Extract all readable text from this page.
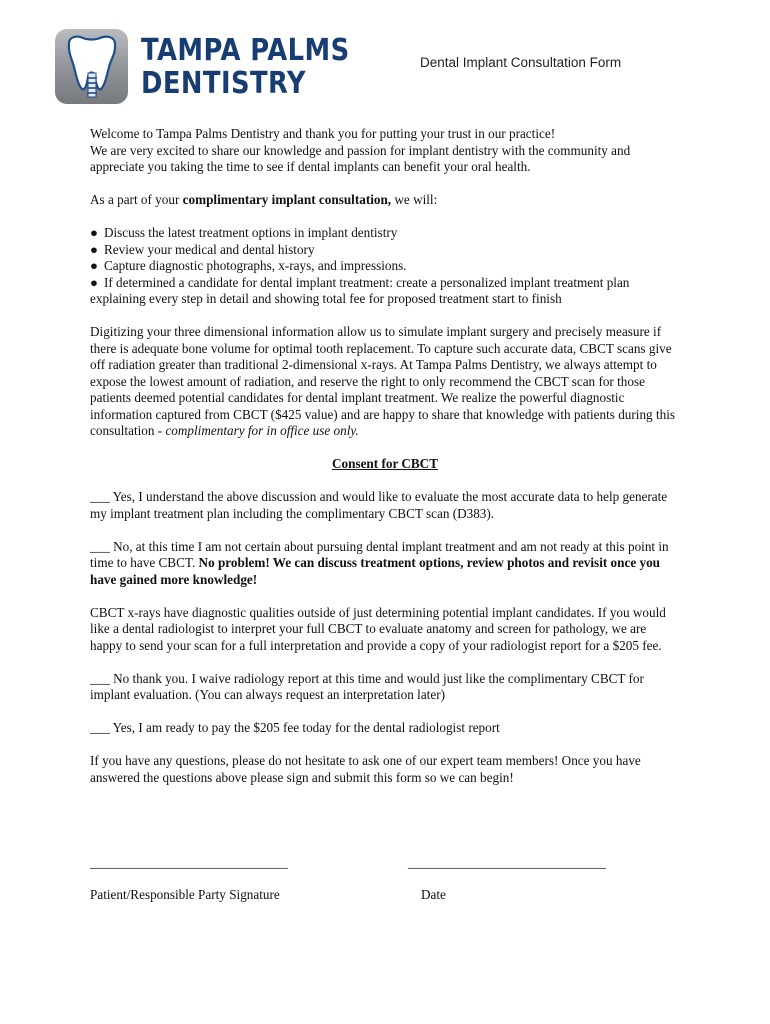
TAMPA PALMS
DENTISTRY
Dental Implant Consultation Form

Welcome to Tampa Palms Dentistry and thank you for putting your trust in our practice!
We are very excited to share our knowledge and passion for implant dentistry with the community and appreciate you taking the time to see if dental implants can benefit your oral health.

As a part of your complimentary implant consultation, we will:

● Discuss the latest treatment options in implant dentistry
● Review your medical and dental history
● Capture diagnostic photographs, x-rays, and impressions.
● If determined a candidate for dental implant treatment: create a personalized implant treatment plan explaining every step in detail and showing total fee for proposed treatment start to finish

Digitizing your three dimensional information allow us to simulate implant surgery and precisely measure if there is adequate bone volume for optimal tooth replacement. To capture such accurate data, CBCT scans give off radiation greater than traditional 2-dimensional x-rays. At Tampa Palms Dentistry, we always attempt to expose the lowest amount of radiation, and reserve the right to only recommend the CBCT scan for those patients deemed potential candidates for dental implant treatment. We realize the powerful diagnostic information captured from CBCT ($425 value) and are happy to share that knowledge with patients during this consultation - complimentary for in office use only.

Consent for CBCT

___ Yes, I understand the above discussion and would like to evaluate the most accurate data to help generate my implant treatment plan including the complimentary CBCT scan (D383).

___ No, at this time I am not certain about pursuing dental implant treatment and am not ready at this point in time to have CBCT. No problem! We can discuss treatment options, review photos and revisit once you have gained more knowledge!

CBCT x-rays have diagnostic qualities outside of just determining potential implant candidates. If you would like a dental radiologist to interpret your full CBCT to evaluate anatomy and screen for pathology, we are happy to send your scan for a full interpretation and provide a copy of your radiologist report for a $205 fee.

___ No thank you. I waive radiology report at this time and would just like the complimentary CBCT for implant evaluation. (You can always request an interpretation later)

___ Yes, I am ready to pay the $205 fee today for the dental radiologist report

If you have any questions, please do not hesitate to ask one of our expert team members! Once you have answered the questions above please sign and submit this form so we can begin!

______________________________	______________________________
Patient/Responsible Party Signature	Date
